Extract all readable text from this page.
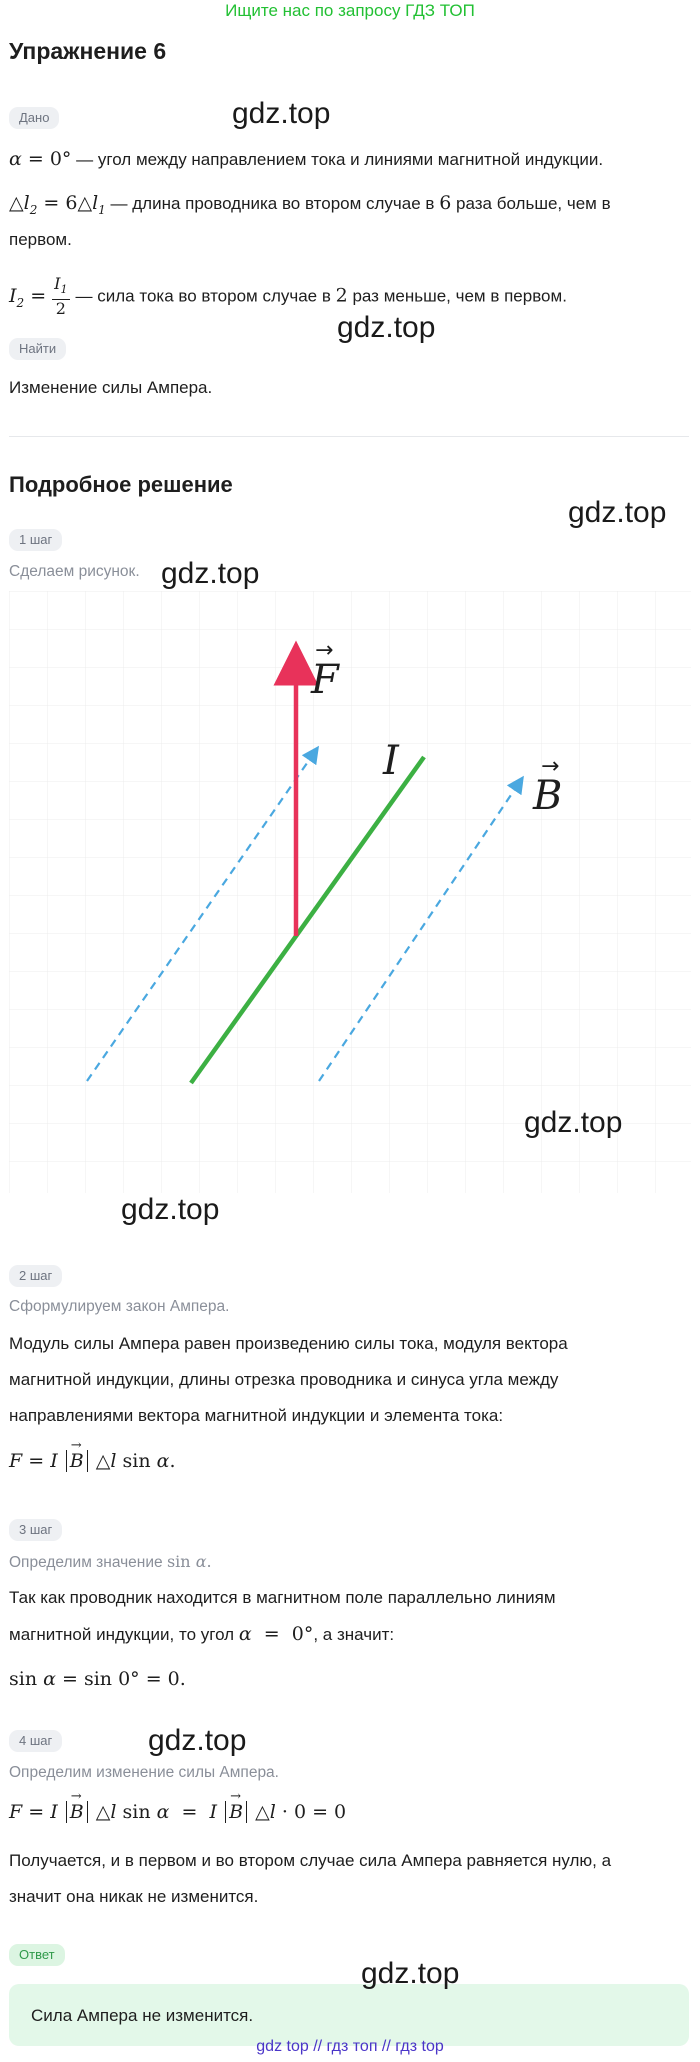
Ищите нас по запросу ГДЗ ТОП
Упражнение 6
Дано
α = 0° — угол между направлением тока и линиями магнитной индукции.
$\triangle l_2$ = $6\triangle l_1$ — длина проводника во втором случае в 6 раза больше, чем в
первом.
$I_2 = \frac{I_1}{2}$ — сила тока во втором случае в 2 раз меньше, чем в первом.
Найти
Изменение силы Ампера.
Подробное решение
1 шаг
Сделаем рисунок.
F
→
I
B
→
2 шаг
Сформулируем закон Ампера.
Модуль силы Ампера равен произведению силы тока, модуля вектора
магнитной индукции, длины отрезка проводника и синуса угла между
направлениями вектора магнитной индукции и элемента тока:
F = I → B △l sin α.
3 шаг
Определим значение sin α.
Так как проводник находится в магнитном поле параллельно линиям
магнитной индукции, то угол α  =  0°, а значит:
sin α = sin 0° = 0.
4 шаг
Определим изменение силы Ампера.
F = I → B △l sin α  =  I → B △l · 0 = 0
Получается, и в первом и во втором случае сила Ампера равняется нулю, а
значит она никак не изменится.
Ответ
Сила Ампера не изменится.
gdz.top
gdz.top
gdz.top
gdz.top
gdz.top
gdz.top
gdz.top
gdz.top
gdz top // гдз топ // гдз top
